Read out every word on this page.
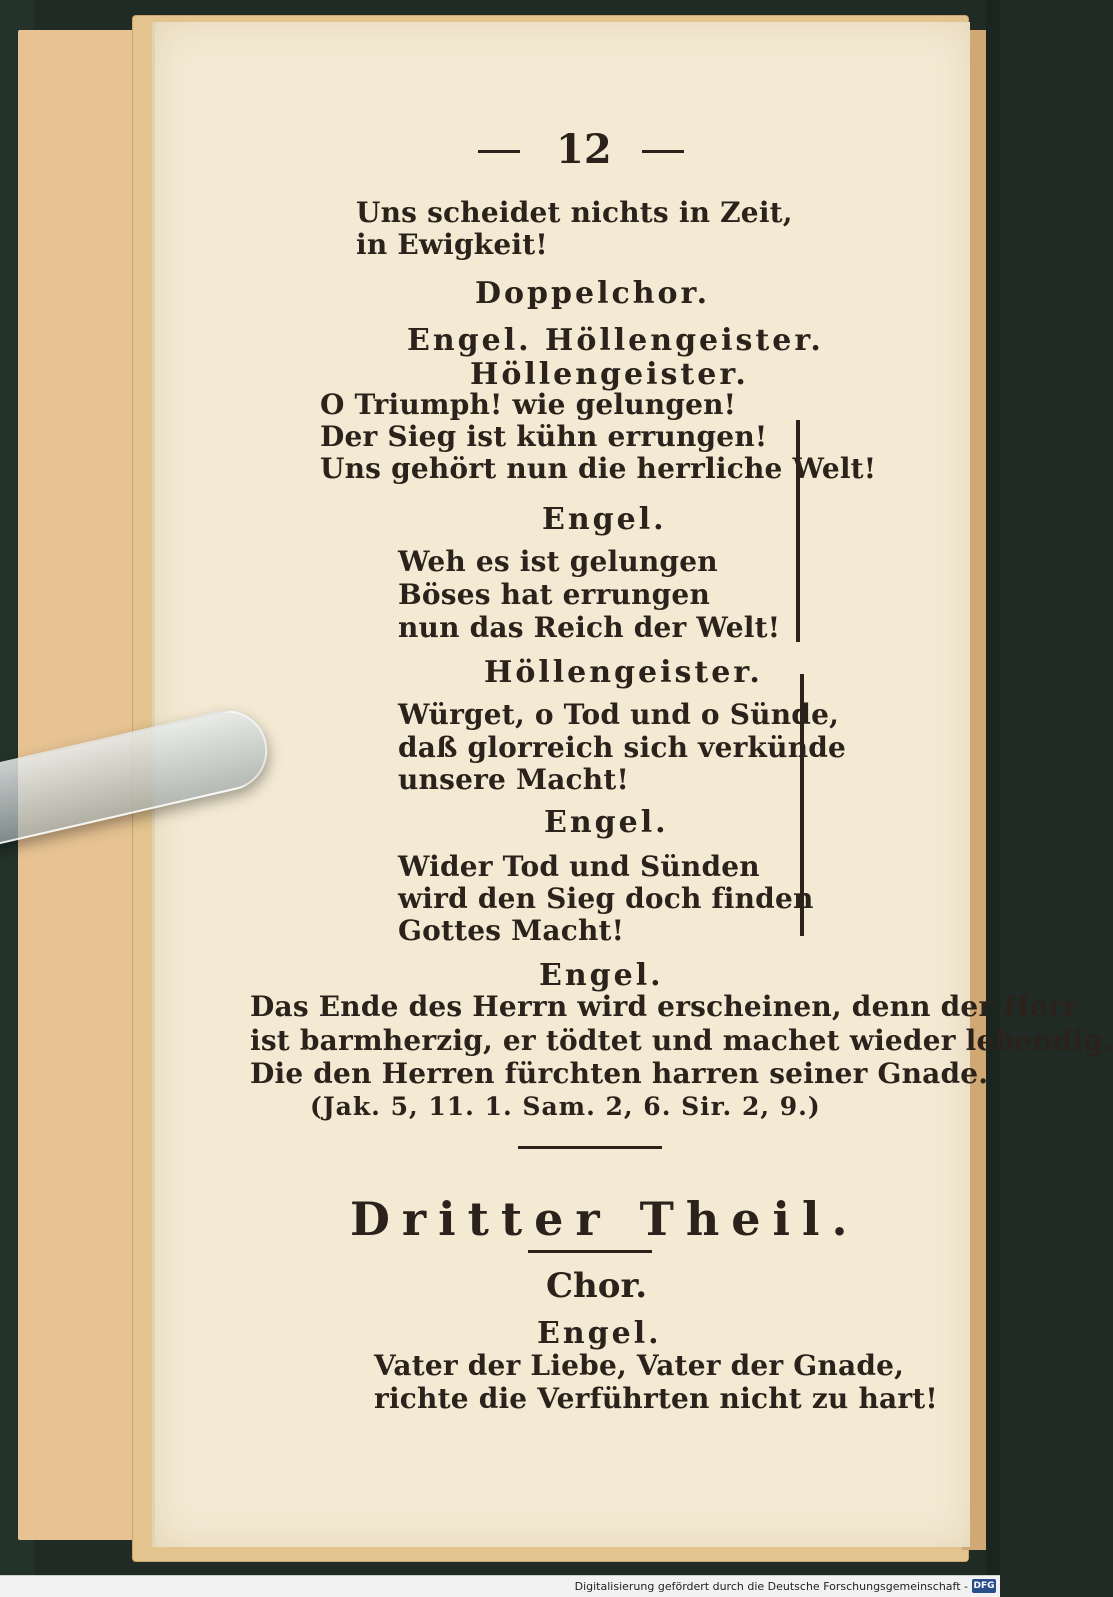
12
Uns scheidet nichts in Zeit,
in Ewigkeit!
Doppelchor.
Engel. Höllengeister.
Höllengeister.
O Triumph! wie gelungen!
Der Sieg ist kühn errungen!
Uns gehört nun die herrliche Welt!
Engel.
Weh es ist gelungen
Böses hat errungen
nun das Reich der Welt!
Höllengeister.
Würget, o Tod und o Sünde,
daß glorreich sich verkünde
unsere Macht!
Engel.
Wider Tod und Sünden
wird den Sieg doch finden
Gottes Macht!
Engel.
Das Ende des Herrn wird erscheinen, denn der Herr
ist barmherzig, er tödtet und machet wieder lebendig.
Die den Herren fürchten harren seiner Gnade.
(Jak. 5, 11. 1. Sam. 2, 6. Sir. 2, 9.)
Dritter Theil.
Chor.
Engel.
Vater der Liebe, Vater der Gnade,
richte die Verführten nicht zu hart!
Digitalisierung gefördert durch die Deutsche Forschungsgemeinschaft - DFG
